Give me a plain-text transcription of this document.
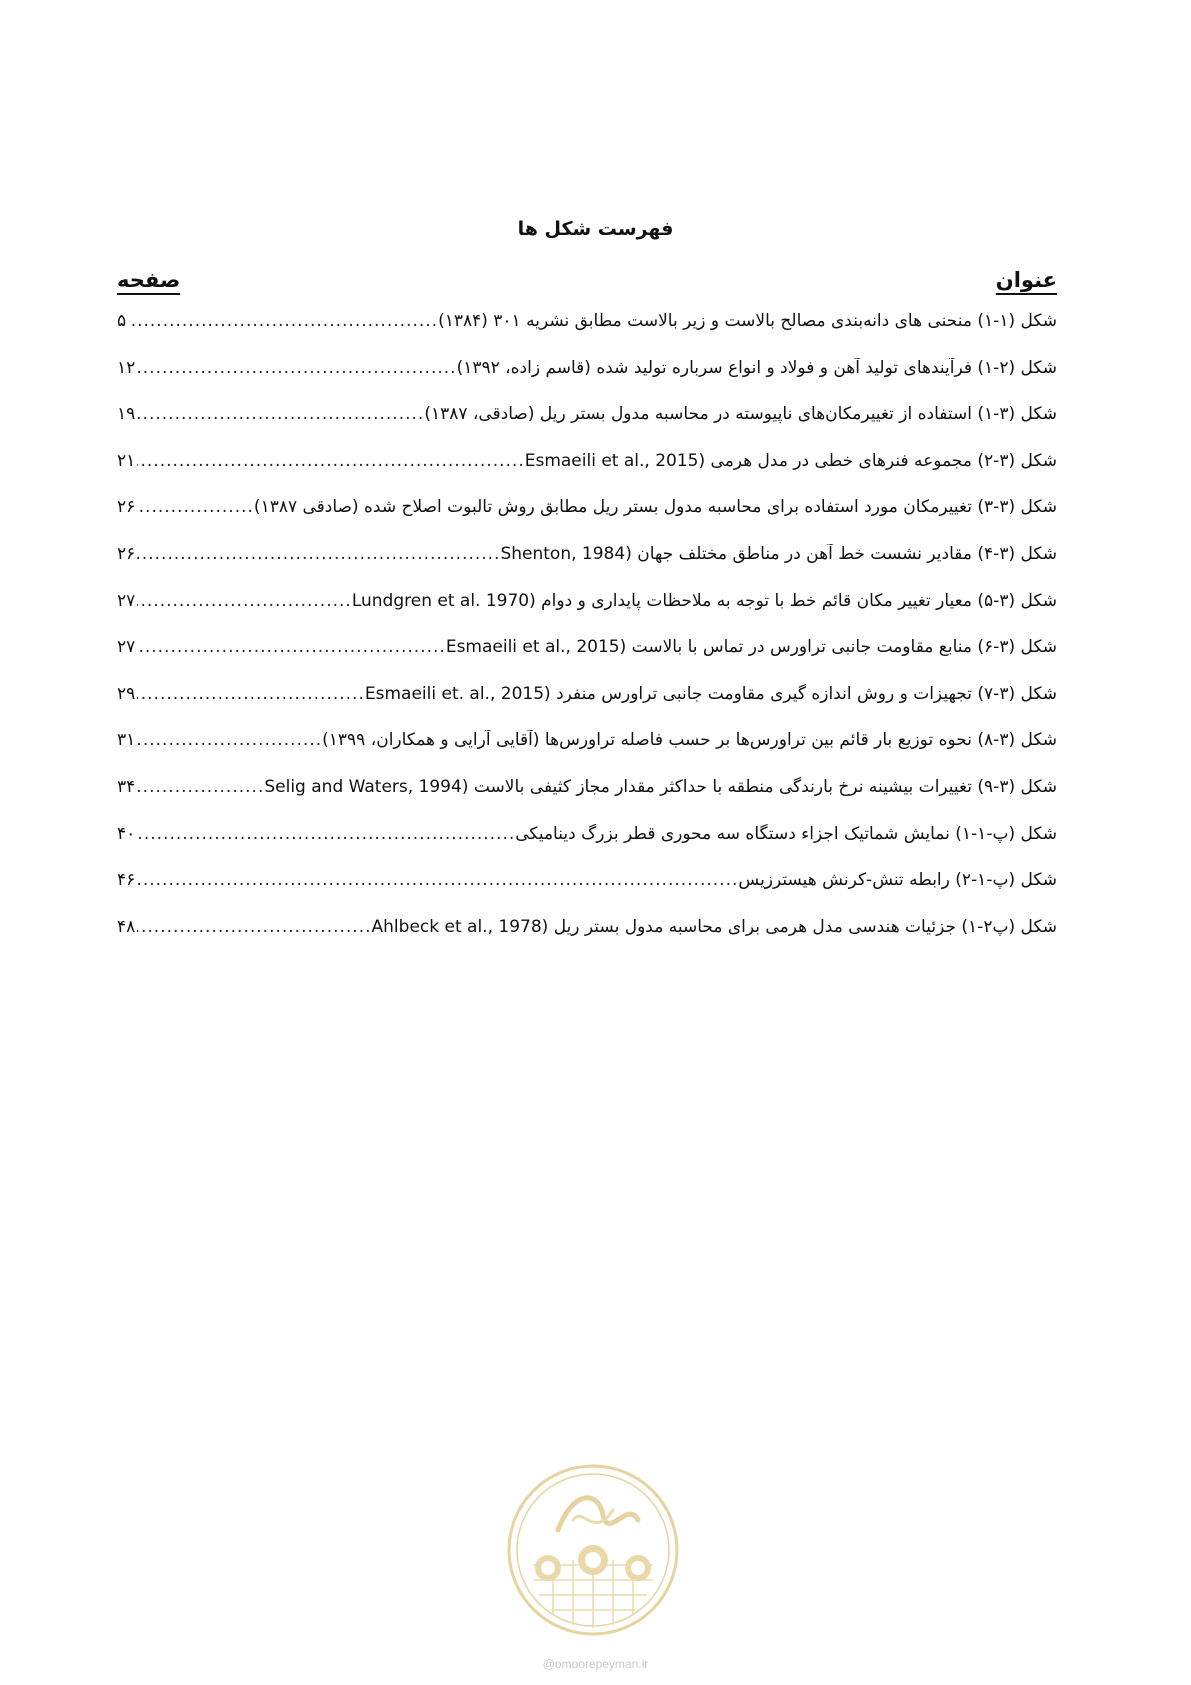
فهرست شکل ها
عنوان
صفحه
شکل (۱-۱) منحنی های دانه‌بندی مصالح بالاست و زیر بالاست مطابق نشریه ۳۰۱ (۱۳۸۴)
.....
۵
شکل (۲-۱) فرآیندهای تولید آهن و فولاد و انواع سرباره تولید شده (قاسم زاده، ۱۳۹۲)
.....
۱۲
شکل (۳-۱) استفاده از تغییرمکان‌های ناپیوسته در محاسبه مدول بستر ریل (صادقی، ۱۳۸۷)
.....
۱۹
شکل (۳-۲) مجموعه فنرهای خطی در مدل هرمی (Esmaeili et al., 2015
.....
۲۱
شکل (۳-۳) تغییرمکان مورد استفاده برای محاسبه مدول بستر ریل مطابق روش تالبوت اصلاح شده (صادقی ۱۳۸۷)
.....
۲۶
شکل (۳-۴) مقادیر نشست خط آهن در مناطق مختلف جهان (Shenton, 1984
.....
۲۶
شکل (۳-۵) معیار تغییر مکان قائم خط با توجه به ملاحظات پایداری و دوام (Lundgren et al. 1970
.....
۲۷
شکل (۳-۶) منابع مقاومت جانبی تراورس در تماس با بالاست (Esmaeili et al., 2015
.....
۲۷
شکل (۳-۷) تجهیزات و روش اندازه گیری مقاومت جانبی تراورس منفرد (Esmaeili et. al., 2015
.....
۲۹
شکل (۳-۸) نحوه توزیع بار قائم بین تراورس‌ها بر حسب فاصله تراورس‌ها (آقایی آرایی و همکاران، ۱۳۹۹)
.....
۳۱
شکل (۳-۹) تغییرات بیشینه نرخ بارندگی منطقه با حداکثر مقدار مجاز کثیفی بالاست (Selig and Waters, 1994
.....
۳۴
شکل (پ-۱-۱) نمایش شماتیک اجزاء دستگاه سه محوری قطر بزرگ دینامیکی
.....
۴۰
شکل (پ-۱-۲) رابطه تنش-کرنش هیسترزیس
.....
۴۶
شکل (پ۲-۱) جزئیات هندسی مدل هرمی برای محاسبه مدول بستر ریل (Ahlbeck et al., 1978
.....
۴۸
@omoorepeyman.ir
